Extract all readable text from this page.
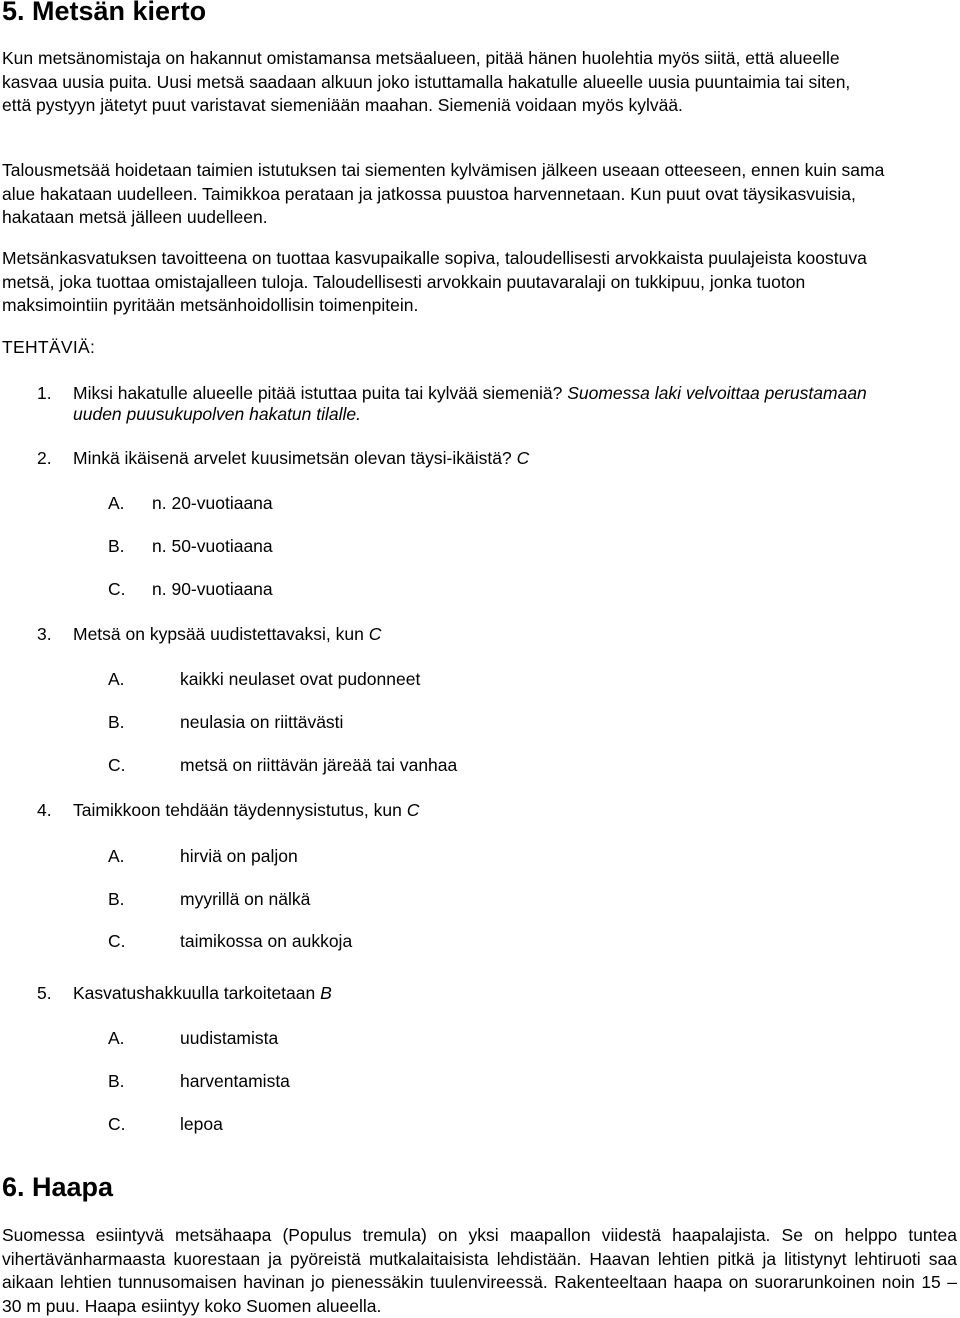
5. Metsän kierto

Kun metsänomistaja on hakannut omistamansa metsäalueen, pitää hänen huolehtia myös siitä, että alueelle kasvaa uusia puita. Uusi metsä saadaan alkuun joko istuttamalla hakatulle alueelle uusia puuntaimia tai siten, että pystyyn jätetyt puut varistavat siemeniään maahan. Siemeniä voidaan myös kylvää.

Talousmetsää hoidetaan taimien istutuksen tai siementen kylvämisen jälkeen useaan otteeseen, ennen kuin sama alue hakataan uudelleen. Taimikkoa perataan ja jatkossa puustoa harvennetaan. Kun puut ovat täysikasvuisia, hakataan metsä jälleen uudelleen.

Metsänkasvatuksen tavoitteena on tuottaa kasvupaikalle sopiva, taloudellisesti arvokkaista puulajeista koostuva metsä, joka tuottaa omistajalleen tuloja. Taloudellisesti arvokkain puutavaralaji on tukkipuu, jonka tuoton maksimointiin pyritään metsänhoidollisin toimenpitein.

TEHTÄVIÄ:
1.	Miksi hakatulle alueelle pitää istuttaa puita tai kylvää siemeniä? Suomessa laki velvoittaa perustamaan uuden puusukupolven hakatun tilalle.
2.	Minkä ikäisenä arvelet kuusimetsän olevan täysi-ikäistä? C
A. n. 20-vuotiaana
B. n. 50-vuotiaana
C. n. 90-vuotiaana
3.	Metsä on kypsää uudistettavaksi, kun C
A.	kaikki neulaset ovat pudonneet
B.	neulasia on riittävästi
C.	metsä on riittävän järeää tai vanhaa
4.	Taimikkoon tehdään täydennysistutus, kun C
A.	hirviä on paljon
B.	myyrillä on nälkä
C.	taimikossa on aukkoja
5.	Kasvatushakkuulla tarkoitetaan B
A.	uudistamista
B.	harventamista
C.	lepoa
6. Haapa

Suomessa esiintyvä metsähaapa (Populus tremula) on yksi maapallon viidestä haapalajista. Se on helppo tuntea vihertävänharmaasta kuorestaan ja pyöreistä mutkalaitaisista lehdistään. Haavan lehtien pitkä ja litistynyt lehtiruoti saa aikaan lehtien tunnusomaisen havinan jo pienessäkin tuulenvireessä. Rakenteeltaan haapa on suorarunkoinen noin 15 – 30 m puu. Haapa esiintyy koko Suomen alueella.
